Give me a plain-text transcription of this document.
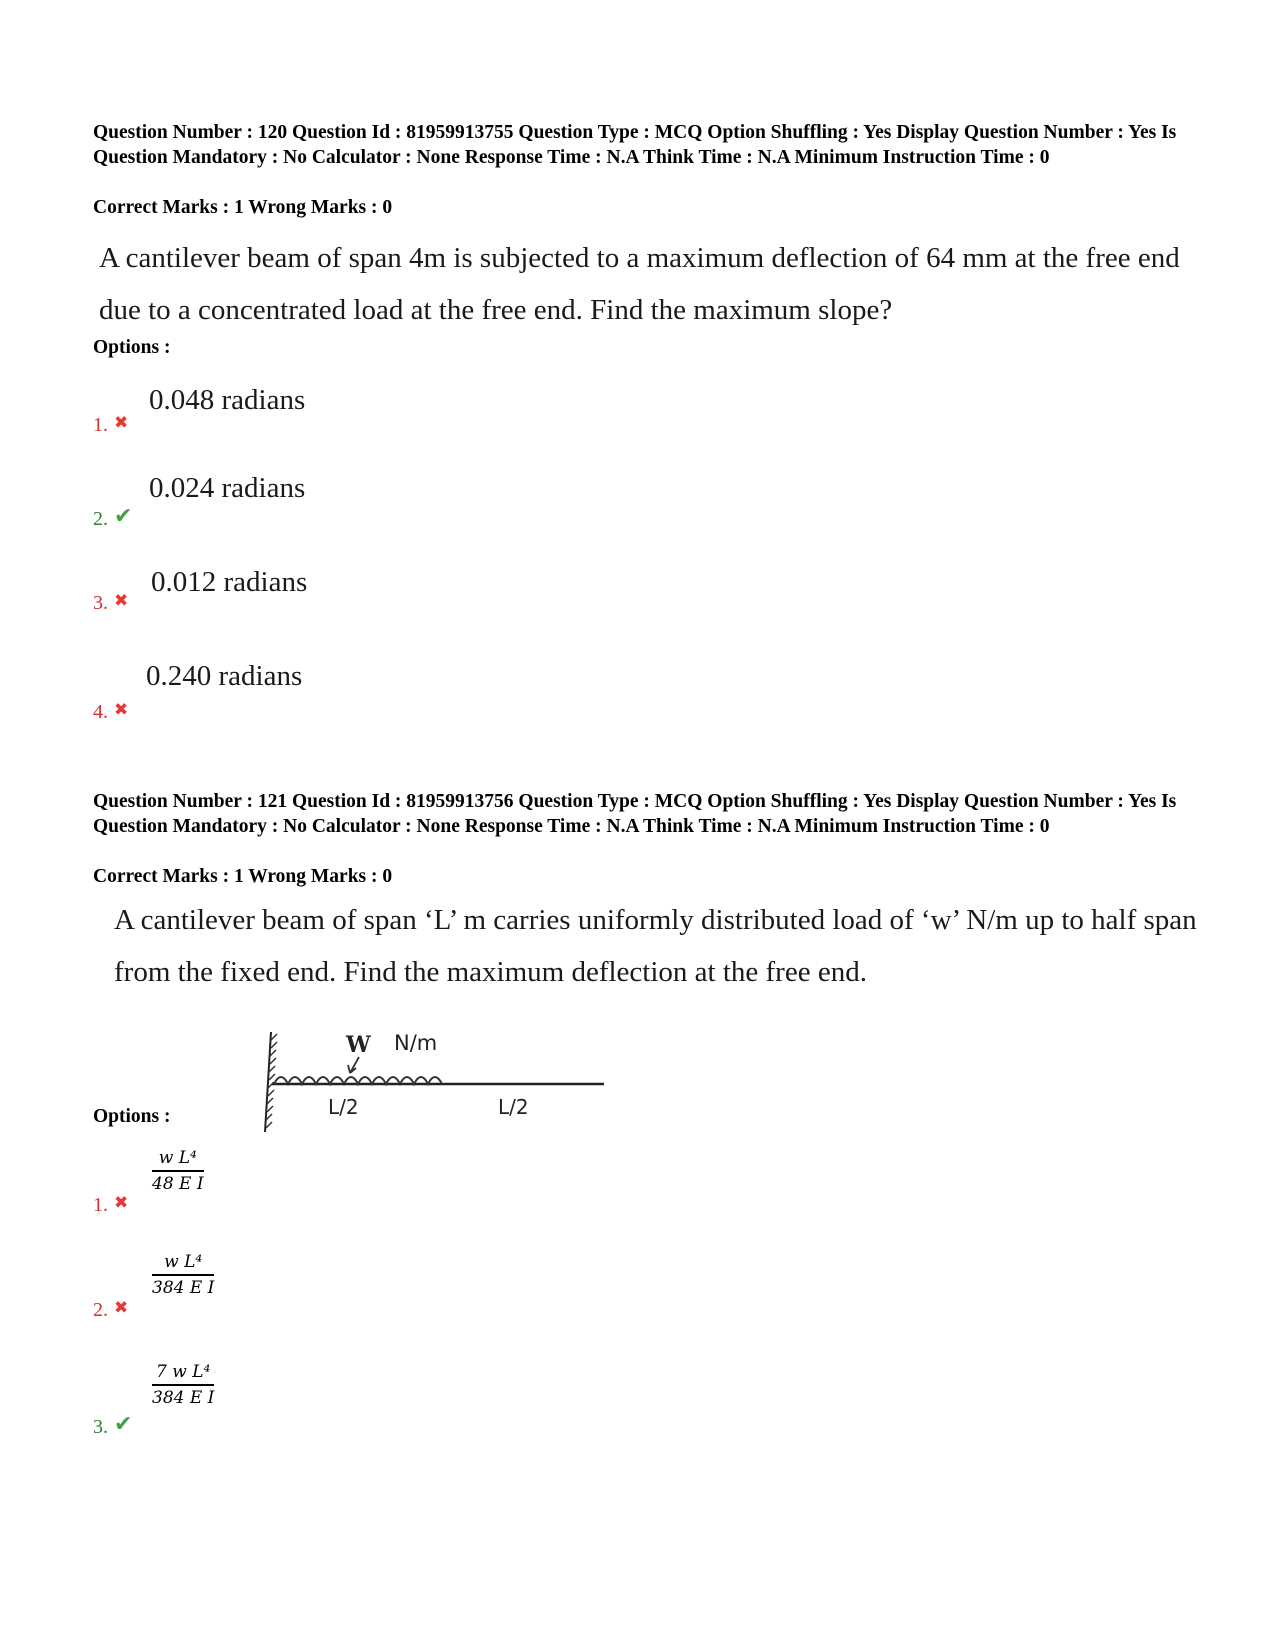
Question Number : 120 Question Id : 81959913755 Question Type : MCQ Option Shuffling : Yes Display Question Number : Yes Is Question Mandatory : No Calculator : None Response Time : N.A Think Time : N.A Minimum Instruction Time : 0
Correct Marks : 1 Wrong Marks : 0
A cantilever beam of span 4m is subjected to a maximum deflection of 64 mm at the free end due to a concentrated load at the free end. Find the maximum slope?
Options :
0.048 radians
1. ✖
0.024 radians
2. ✔
0.012 radians
3. ✖
0.240 radians
4. ✖
Question Number : 121 Question Id : 81959913756 Question Type : MCQ Option Shuffling : Yes Display Question Number : Yes Is Question Mandatory : No Calculator : None Response Time : N.A Think Time : N.A Minimum Instruction Time : 0
Correct Marks : 1 Wrong Marks : 0
A cantilever beam of span ‘L’ m carries uniformly distributed load of ‘w’ N/m up to half span from the fixed end. Find the maximum deflection at the free end.
W N/m
L/2	L/2
Options :
$\frac{\text{w L⁴}}{\text{48 E I}}$
1. ✖
$\frac{\text{w L⁴}}{\text{384 E I}}$
2. ✖
$\frac{\text{7 w L⁴}}{\text{384 E I}}$
3. ✔
